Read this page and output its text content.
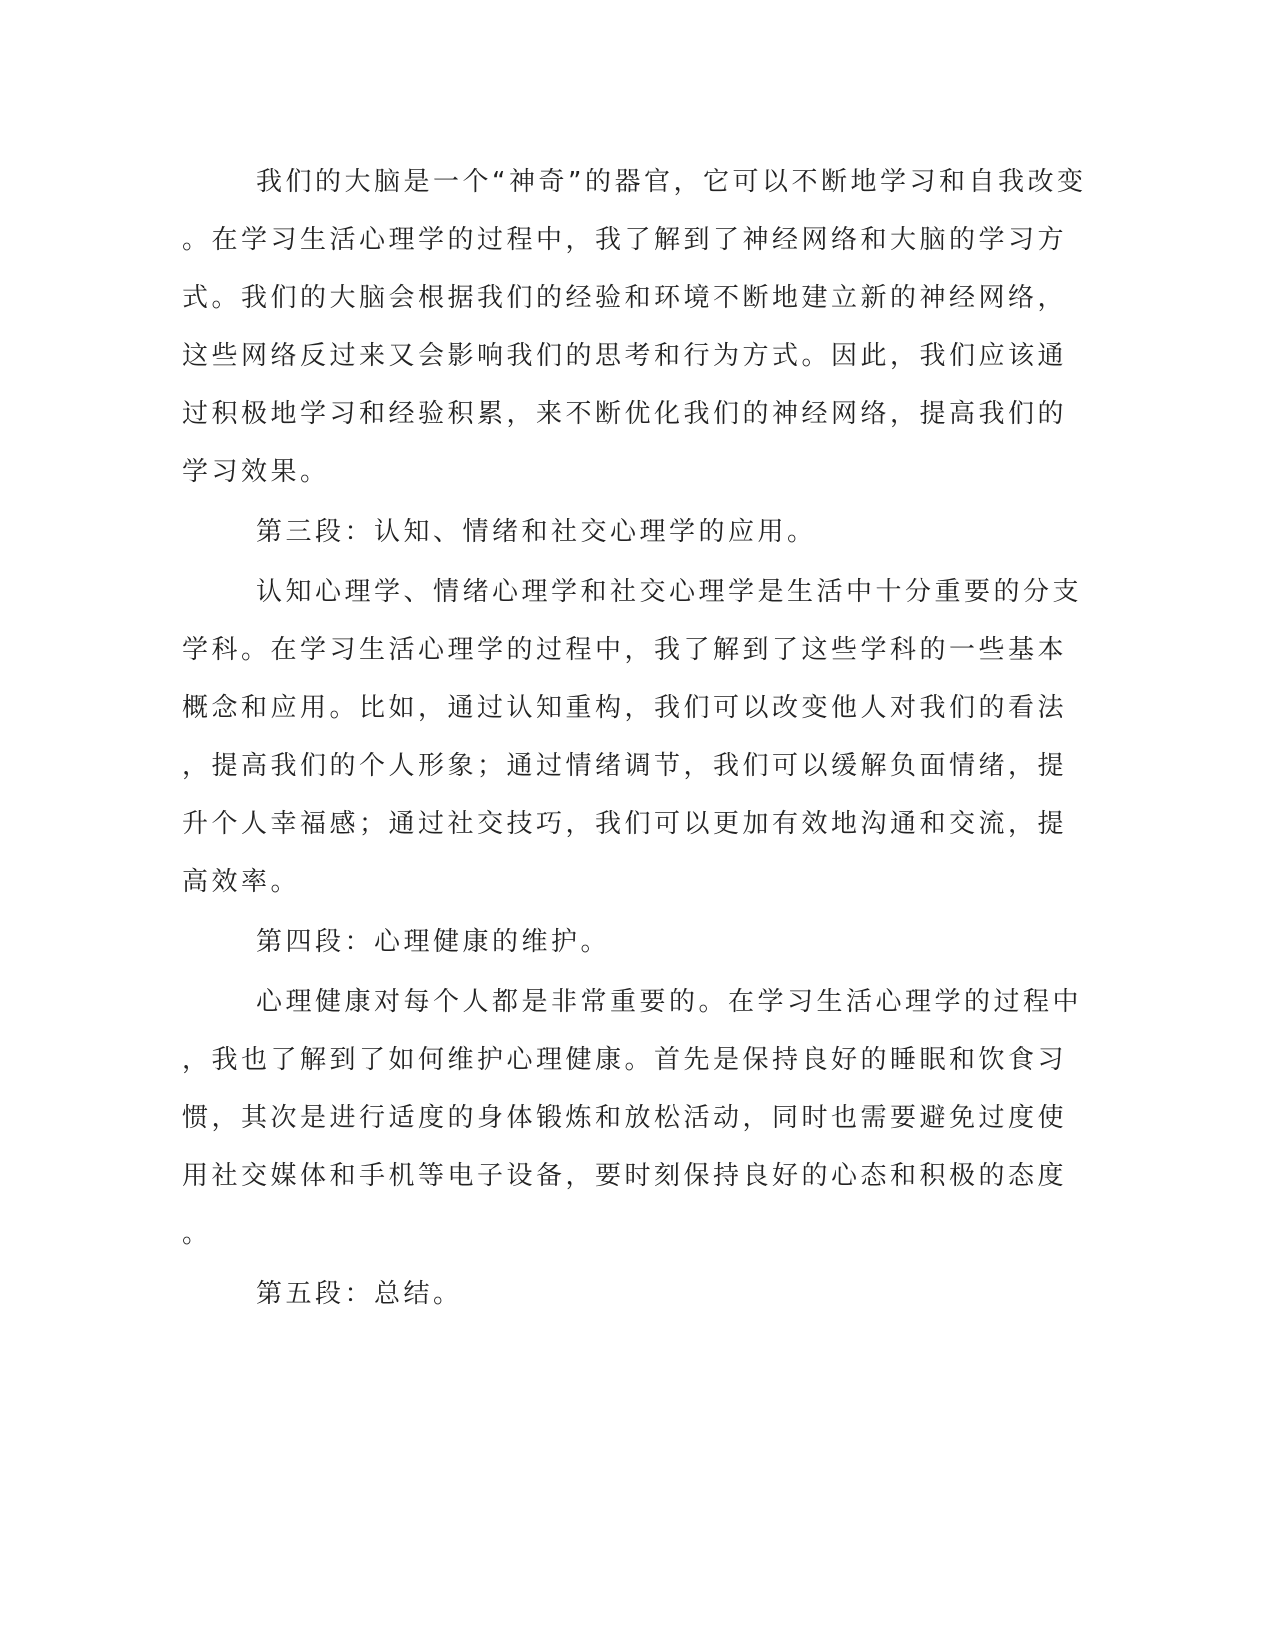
我们的大脑是一个“神奇”的器官，它可以不断地学习和自我改变

。在学习生活心理学的过程中，我了解到了神经网络和大脑的学习方

式。我们的大脑会根据我们的经验和环境不断地建立新的神经网络，

这些网络反过来又会影响我们的思考和行为方式。因此，我们应该通

过积极地学习和经验积累，来不断优化我们的神经网络，提高我们的

学习效果。

第三段：认知、情绪和社交心理学的应用。

认知心理学、情绪心理学和社交心理学是生活中十分重要的分支

学科。在学习生活心理学的过程中，我了解到了这些学科的一些基本

概念和应用。比如，通过认知重构，我们可以改变他人对我们的看法

，提高我们的个人形象；通过情绪调节，我们可以缓解负面情绪，提

升个人幸福感；通过社交技巧，我们可以更加有效地沟通和交流，提

高效率。

第四段：心理健康的维护。

心理健康对每个人都是非常重要的。在学习生活心理学的过程中

，我也了解到了如何维护心理健康。首先是保持良好的睡眠和饮食习

惯，其次是进行适度的身体锻炼和放松活动，同时也需要避免过度使

用社交媒体和手机等电子设备，要时刻保持良好的心态和积极的态度

。

第五段：总结。
